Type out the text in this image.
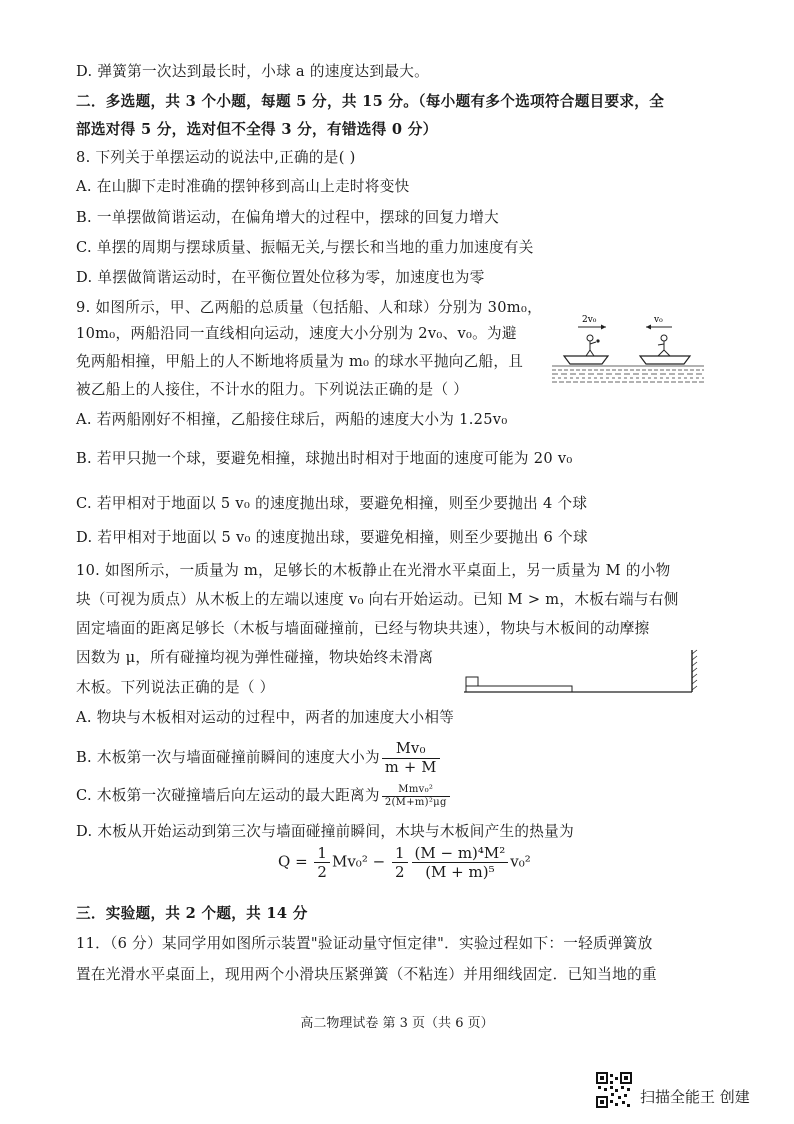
D. 弹簧第一次达到最长时，小球 a 的速度达到最大。
二．多选题，共 3 个小题，每题 5 分，共 15 分。（每小题有多个选项符合题目要求，全
部选对得 5 分，选对但不全得 3 分，有错选得 0 分）
8. 下列关于单摆运动的说法中,正确的是( )
A. 在山脚下走时准确的摆钟移到高山上走时将变快
B. 一单摆做简谐运动，在偏角增大的过程中，摆球的回复力增大
C. 单摆的周期与摆球质量、振幅无关,与摆长和当地的重力加速度有关
D. 单摆做简谐运动时，在平衡位置处位移为零，加速度也为零
9. 如图所示，甲、乙两船的总质量（包括船、人和球）分别为 30m₀，
10m₀，两船沿同一直线相向运动，速度大小分别为 2v₀、v₀。为避
免两船相撞，甲船上的人不断地将质量为 m₀ 的球水平抛向乙船，且
被乙船上的人接住，不计水的阻力。下列说法正确的是（ ）
2v₀	v₀
A. 若两船刚好不相撞，乙船接住球后，两船的速度大小为 1.25v₀
B. 若甲只抛一个球，要避免相撞，球抛出时相对于地面的速度可能为 20 v₀
C. 若甲相对于地面以 5 v₀ 的速度抛出球，要避免相撞，则至少要抛出 4 个球
D. 若甲相对于地面以 5 v₀ 的速度抛出球，要避免相撞，则至少要抛出 6 个球
10. 如图所示，一质量为 m，足够长的木板静止在光滑水平桌面上，另一质量为 M 的小物
块（可视为质点）从木板上的左端以速度 v₀ 向右开始运动。已知 M > m，木板右端与右侧
固定墙面的距离足够长（木板与墙面碰撞前，已经与物块共速），物块与木板间的动摩擦
因数为 μ，所有碰撞均视为弹性碰撞，物块始终未滑离
木板。下列说法正确的是（ ）
A. 物块与木板相对运动的过程中，两者的加速度大小相等
B. 木板第一次与墙面碰撞前瞬间的速度大小为 $\frac{\text{Mv₀}}{m + M}$
C. 木板第一次碰撞墙后向左运动的最大距离为 $\frac{\text{Mmv₀²}}{\text{2(M+m)²μg}}$
D. 木板从开始运动到第三次与墙面碰撞前瞬间，木块与木板间产生的热量为
$Q = \frac{1}{2} Mv_0^2 - \frac{1}{2} \frac{\text{(M − m)⁴M²}}{\text{(M + m)⁵}} v_0^2$
三．实验题，共 2 个题，共 14 分
11．（6 分）某同学用如图所示装置"验证动量守恒定律"．实验过程如下：一轻质弹簧放
置在光滑水平桌面上，现用两个小滑块压紧弹簧（不粘连）并用细线固定．已知当地的重
高二物理试卷 第 3 页（共 6 页）
扫描全能王 创建
